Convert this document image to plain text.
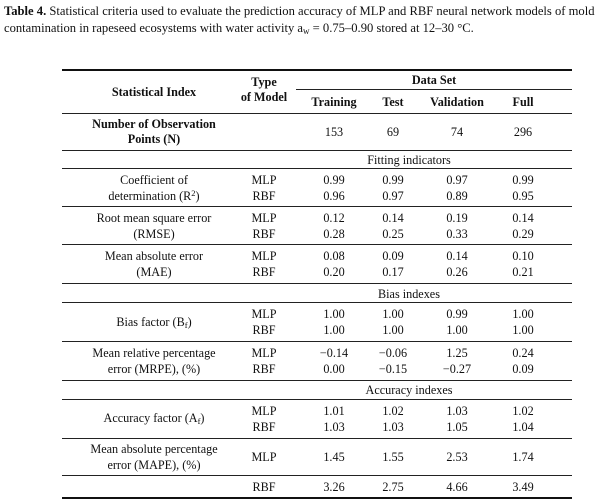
Table 4. Statistical criteria used to evaluate the prediction accuracy of MLP and RBF neural network models of mold contamination in rapeseed ecosystems with water activity $a_w = 0.75-0.90$ stored at 12–30 °C.
Statistical Index
Type
of Model
Data Set
Training	Test	Validation	Full
Number of Observation
Points (N)	153	69	74	296
Fitting indicators
Coefficient of
determination $(R^2)$
MLP	0.99	0.99	0.97	0.99
RBF	0.96	0.97	0.89	0.95
Root mean square error
(RMSE)
MLP	0.12	0.14	0.19	0.14
RBF	0.28	0.25	0.33	0.29
Mean absolute error
(MAE)
MLP	0.08	0.09	0.14	0.10
RBF	0.20	0.17	0.26	0.21
Bias indexes
Bias factor $(B_f)$
MLP	1.00	1.00	0.99	1.00
RBF	1.00	1.00	1.00	1.00
Mean relative percentage
error (MRPE), (%)
MLP	−0.14	−0.06	1.25	0.24
RBF	0.00	−0.15	−0.27	0.09
Accuracy indexes
Accuracy factor $(A_f)$	MLP	1.01	1.02	1.03	1.02
RBF	1.03	1.03	1.05	1.04
Mean absolute percentage
error (MAPE), (%)
MLP	1.45	1.55	2.53	1.74
RBF	3.26	2.75	4.66	3.49
